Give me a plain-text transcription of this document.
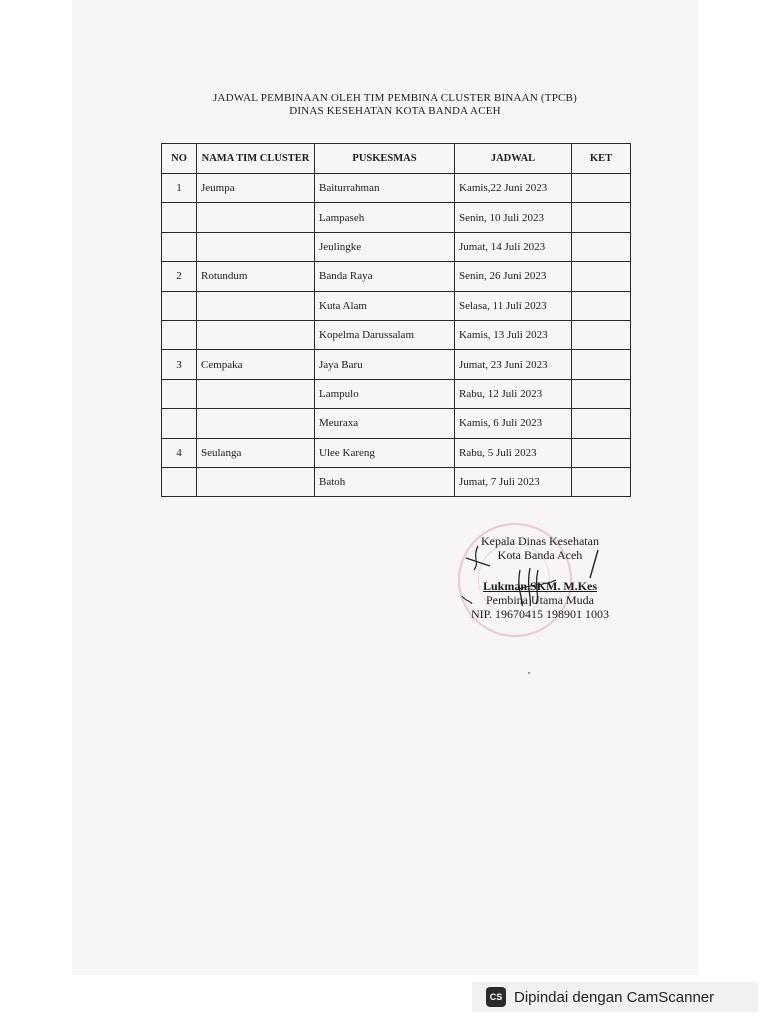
JADWAL PEMBINAAN OLEH TIM PEMBINA CLUSTER BINAAN (TPCB)
DINAS KESEHATAN KOTA BANDA ACEH
NO	NAMA TIM CLUSTER	PUSKESMAS	JADWAL	KET
1	Jeumpa	Baiturrahman	Kamis,22 Juni 2023	
		Lampaseh	Senin, 10 Juli 2023	
		Jeulingke	Jumat, 14 Juli 2023	
2	Rotundum	Banda Raya	Senin, 26 Juni 2023	
		Kuta Alam	Selasa, 11 Juli 2023	
		Kopelma Darussalam	Kamis, 13 Juli 2023	
3	Cempaka	Jaya Baru	Jumat, 23 Juni 2023	
		Lampulo	Rabu, 12 Juli 2023	
		Meuraxa	Kamis, 6 Juli 2023	
4	Seulanga	Ulee Kareng	Rabu, 5 Juli 2023	
		Batoh	Jumat, 7 Juli 2023	
Kepala Dinas Kesehatan
Kota Banda Aceh
Lukman.SKM. M.Kes
Pembina Utama Muda
NIP. 19670415 198901 1003
CS Dipindai dengan CamScanner
